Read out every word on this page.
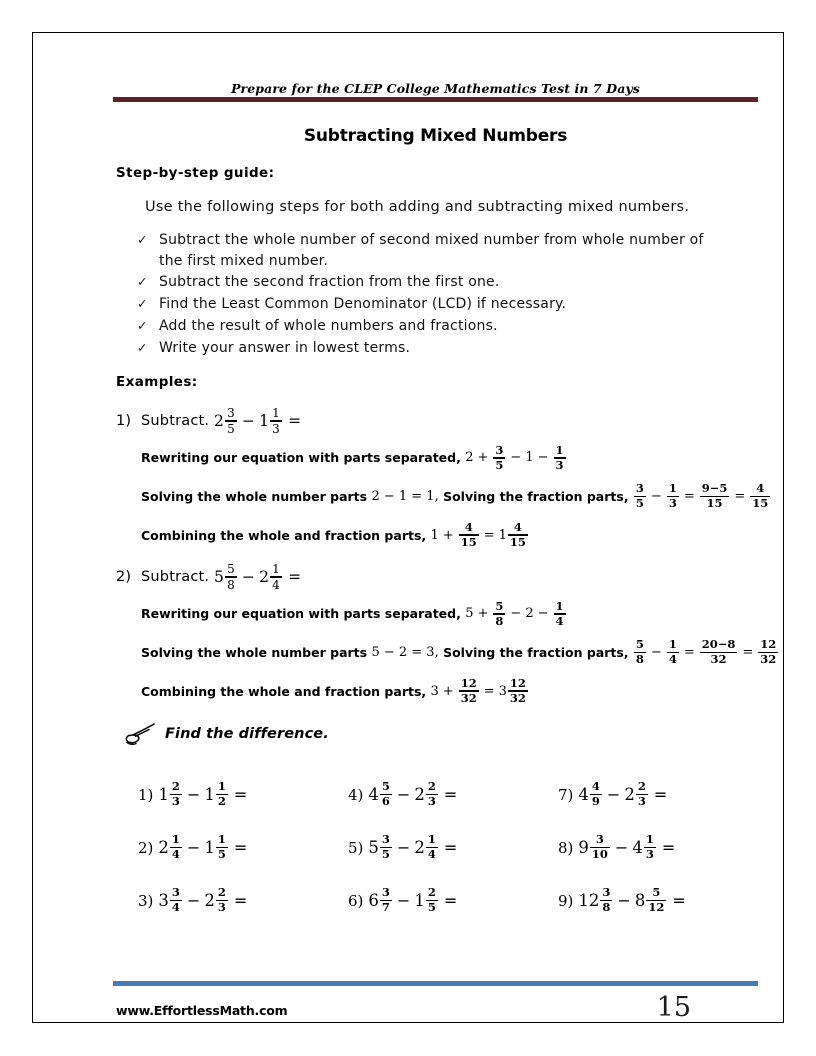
Prepare for the CLEP College Mathematics Test in 7 Days
Subtracting Mixed Numbers
Step-by-step guide:
Use the following steps for both adding and subtracting mixed numbers.
✓ Subtract the whole number of second mixed number from whole number of the first mixed number.
✓ Subtract the second fraction from the first one.
✓ Find the Least Common Denominator (LCD) if necessary.
✓ Add the result of whole numbers and fractions.
✓ Write your answer in lowest terms.
Examples:
1) Subtract. $2 \frac{3}{5} - 1 \frac{1}{3}$ =
Rewriting our equation with parts separated, $2 + \frac{3}{5} - 1 - \frac{1}{3}$
Solving the whole number parts 2 − 1 = 1, Solving the fraction parts, $\frac{3}{5} - \frac{1}{3} = \frac{9-5}{15} = \frac{4}{15}$
Combining the whole and fraction parts, $1 + \frac{4}{15} = 1 \frac{4}{15}$
2) Subtract. $5 \frac{5}{8} - 2 \frac{1}{4}$ =
Rewriting our equation with parts separated, $5 + \frac{5}{8} - 2 - \frac{1}{4}$
Solving the whole number parts 5 − 2 = 3, Solving the fraction parts, $\frac{5}{8} - \frac{1}{4} = \frac{20-8}{32} = \frac{12}{32}$
Combining the whole and fraction parts, $3 + \frac{12}{32} = 3 \frac{12}{32}$
Find the difference.
1) $1 \frac{2}{3} - 1 \frac{1}{2}$ =	4) $4 \frac{5}{6} - 2 \frac{2}{3}$ =	7) $4 \frac{4}{9} - 2 \frac{2}{3}$ =
2) $2 \frac{1}{4} - 1 \frac{1}{5}$ =	5) $5 \frac{3}{5} - 2 \frac{1}{4}$ =	8) $9 \frac{3}{10} - 4 \frac{1}{3}$ =
3) $3 \frac{3}{4} - 2 \frac{2}{3}$ =	6) $6 \frac{3}{7} - 1 \frac{2}{5}$ =	9) $12 \frac{3}{8} - 8 \frac{5}{12}$ =
www.EffortlessMath.com	15
